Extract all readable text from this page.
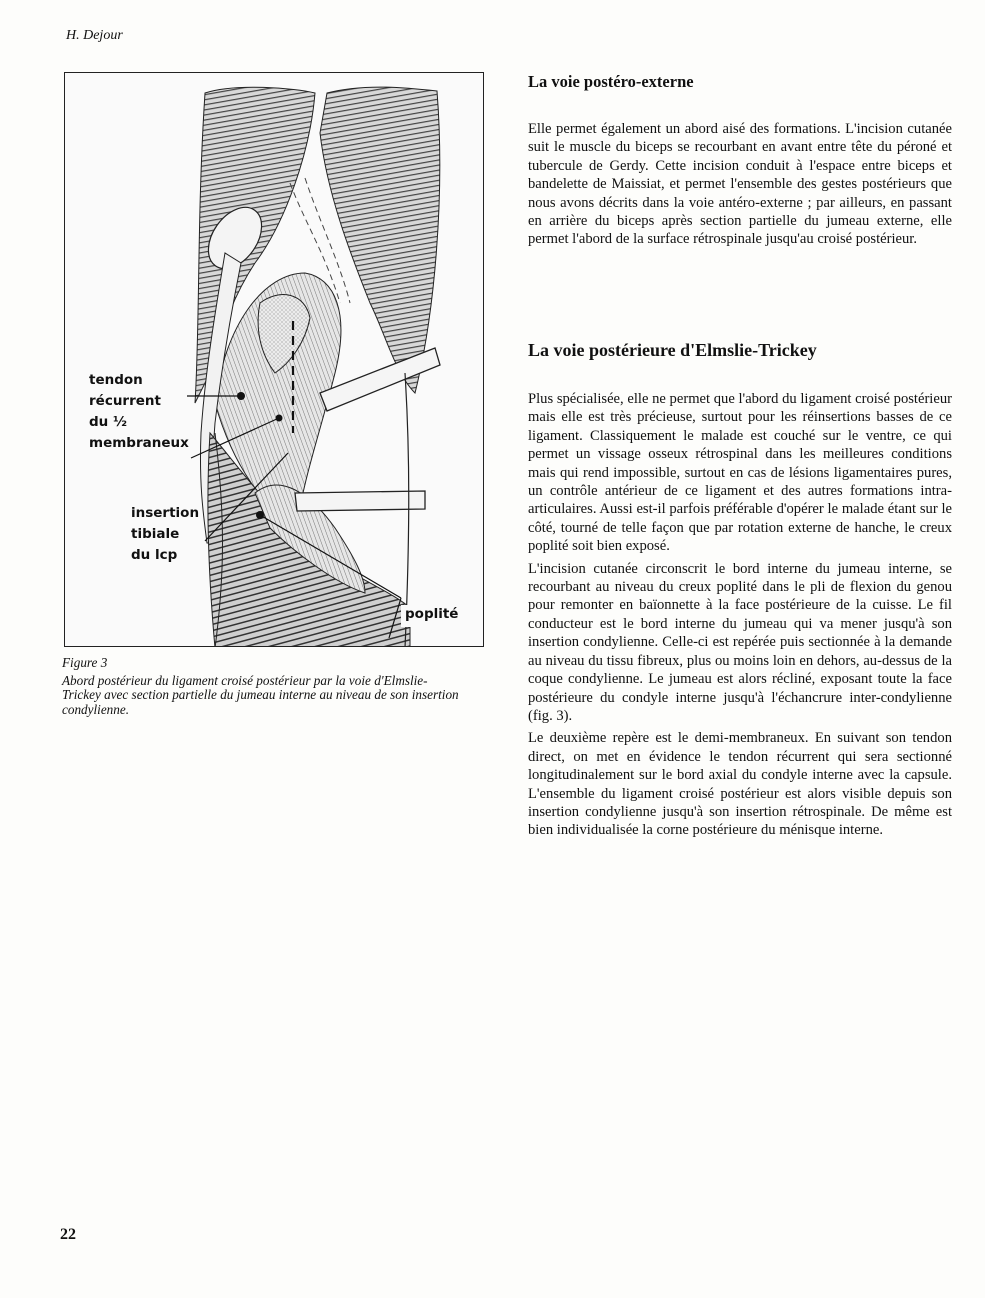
H. Dejour
tendon
récurrent
du ½
membraneux
insertion
tibiale
du lcp
poplité
Figure 3
Abord postérieur du ligament croisé postérieur par la voie d'Elmslie-Trickey avec section partielle du jumeau interne au niveau de son insertion condylienne.
La voie postéro-externe

Elle permet également un abord aisé des formations. L'incision cutanée suit le muscle du biceps se recourbant en avant entre tête du péroné et tubercule de Gerdy. Cette incision conduit à l'espace entre biceps et bandelette de Maissiat, et permet l'ensemble des gestes postérieurs que nous avons décrits dans la voie antéro-externe ; par ailleurs, en passant en arrière du biceps après section partielle du jumeau externe, elle permet l'abord de la surface rétrospinale jusqu'au croisé postérieur.

La voie postérieure d'Elmslie-Trickey

Plus spécialisée, elle ne permet que l'abord du ligament croisé postérieur mais elle est très précieuse, surtout pour les réinsertions basses de ce ligament. Classiquement le malade est couché sur le ventre, ce qui permet un vissage osseux rétrospinal dans les meilleures conditions mais qui rend impossible, surtout en cas de lésions ligamentaires pures, un contrôle antérieur de ce ligament et des autres formations intra-articulaires. Aussi est-il parfois préférable d'opérer le malade étant sur le côté, tourné de telle façon que par rotation externe de hanche, le creux poplité soit bien exposé.

L'incision cutanée circonscrit le bord interne du jumeau interne, se recourbant au niveau du creux poplité dans le pli de flexion du genou pour remonter en baïonnette à la face postérieure de la cuisse. Le fil conducteur est le bord interne du jumeau qui va mener jusqu'à son insertion condylienne. Celle-ci est repérée puis sectionnée à la demande au niveau du tissu fibreux, plus ou moins loin en dehors, au-dessus de la coque condylienne. Le jumeau est alors récliné, exposant toute la face postérieure du condyle interne jusqu'à l'échancrure inter-condylienne (fig. 3).

Le deuxième repère est le demi-membraneux. En suivant son tendon direct, on met en évidence le tendon récurrent qui sera sectionné longitudinalement sur le bord axial du condyle interne avec la capsule. L'ensemble du ligament croisé postérieur est alors visible depuis son insertion condylienne jusqu'à son insertion rétrospinale. De même est bien individualisée la corne postérieure du ménisque interne.

22
